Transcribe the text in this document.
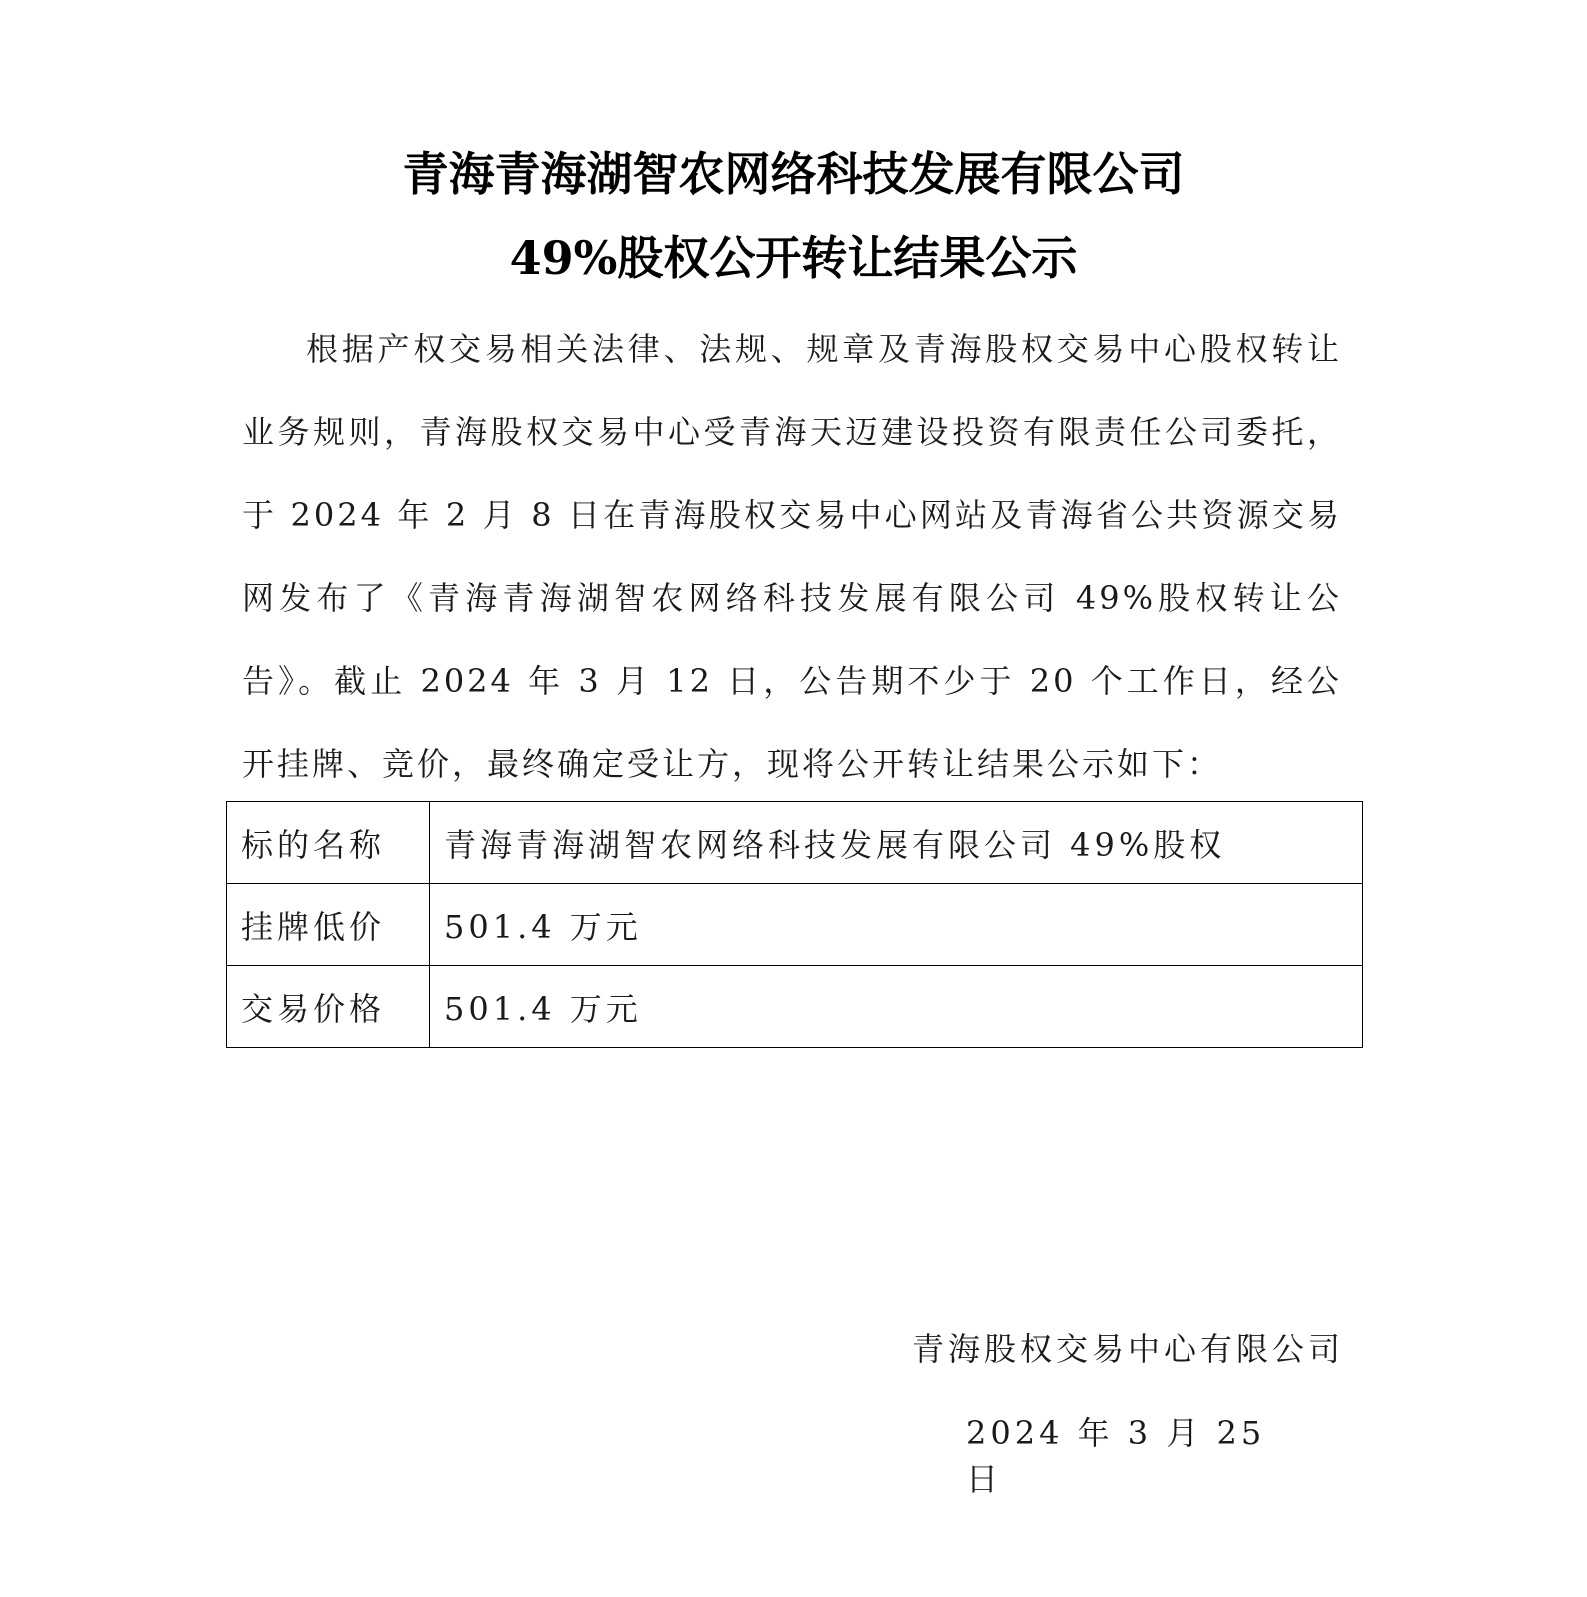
青海青海湖智农网络科技发展有限公司
49%股权公开转让结果公示

根据产权交易相关法律、法规、规章及青海股权交易中心股权转让业务规则，青海股权交易中心受青海天迈建设投资有限责任公司委托，于 2024 年 2 月 8 日在青海股权交易中心网站及青海省公共资源交易网发布了《青海青海湖智农网络科技发展有限公司 49%股权转让公告》。截止 2024 年 3 月 12 日，公告期不少于 20 个工作日，经公开挂牌、竞价，最终确定受让方，现将公开转让结果公示如下：

标的名称	青海青海湖智农网络科技发展有限公司 49%股权
挂牌低价	501.4 万元
交易价格	501.4 万元
青海股权交易中心有限公司
2024 年 3 月 25 日
